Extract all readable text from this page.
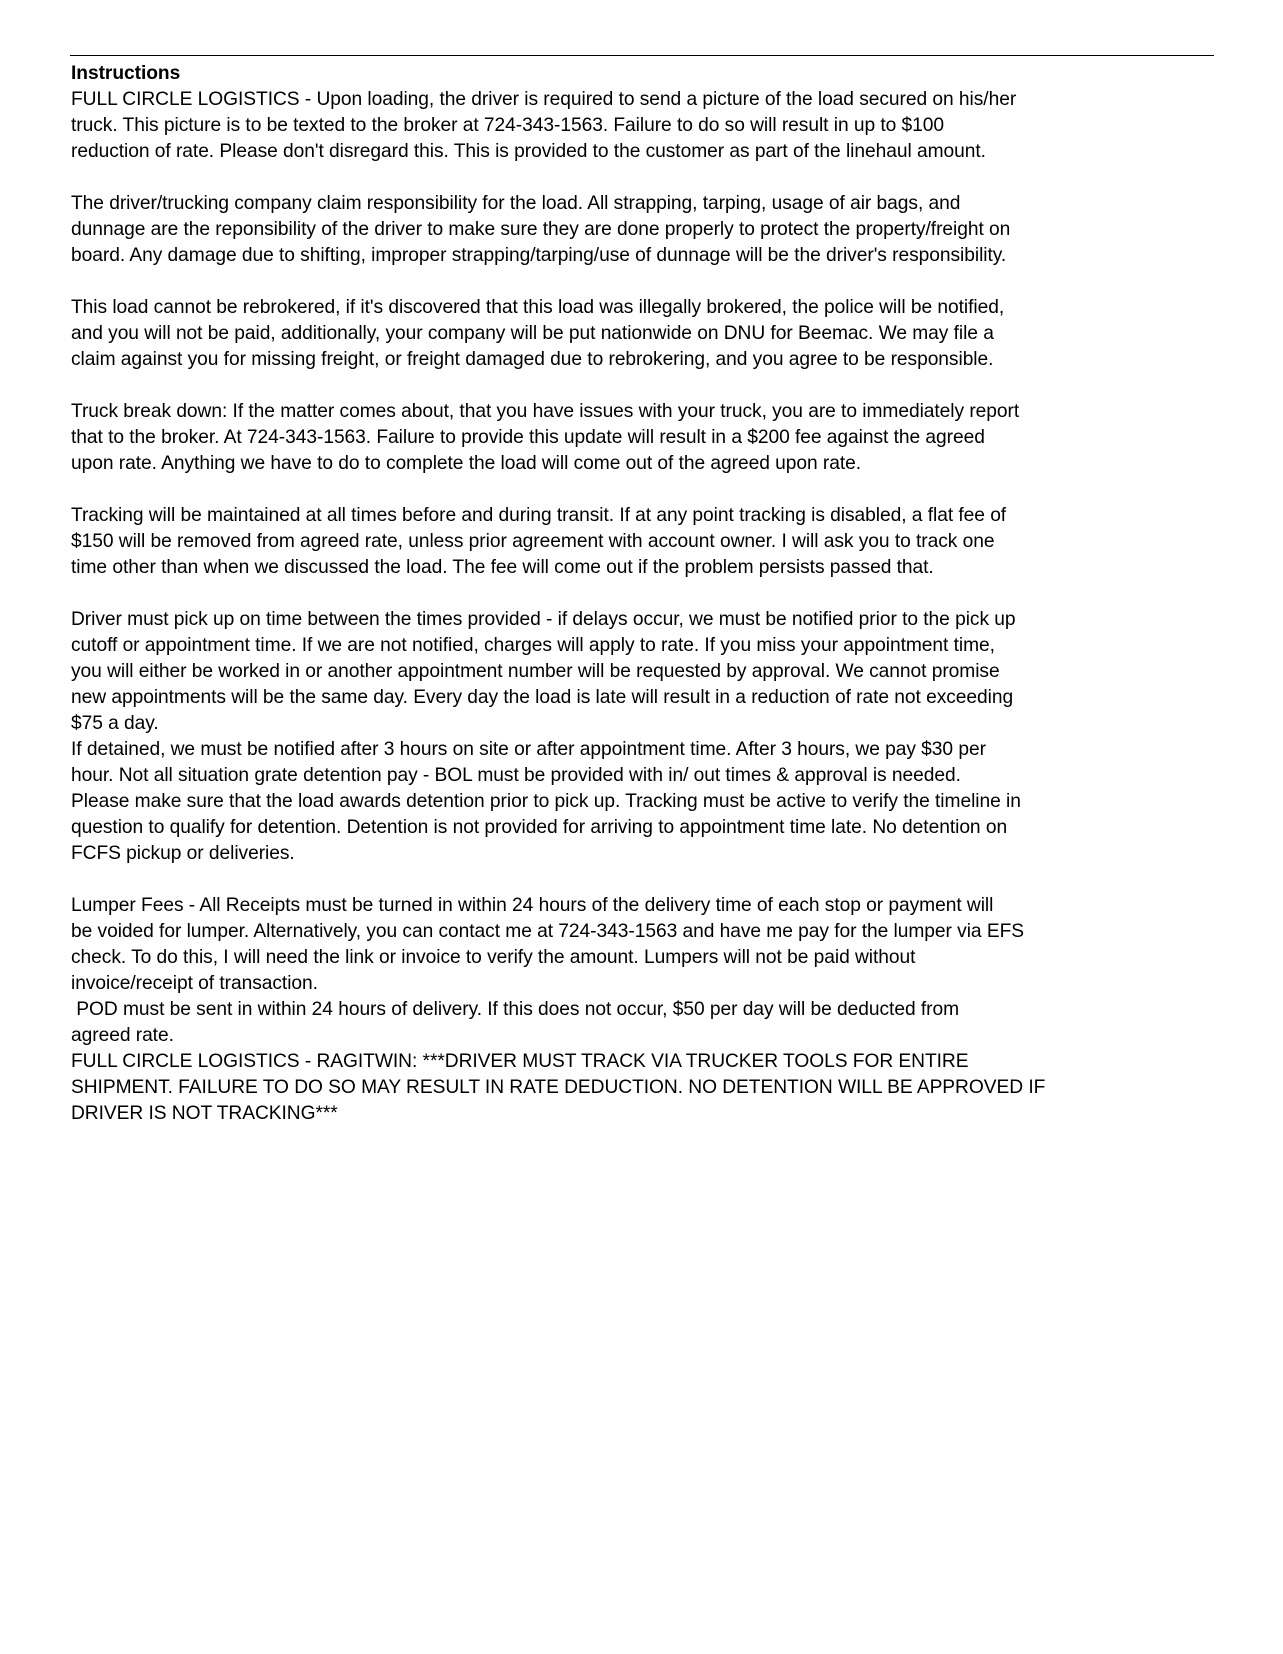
Instructions

FULL CIRCLE LOGISTICS - Upon loading, the driver is required to send a picture of the load secured on his/her

truck. This picture is to be texted to the broker at 724-343-1563. Failure to do so will result in up to $100

reduction of rate. Please don't disregard this. This is provided to the customer as part of the linehaul amount.

The driver/trucking company claim responsibility for the load. All strapping, tarping, usage of air bags, and

dunnage are the reponsibility of the driver to make sure they are done properly to protect the property/freight on

board. Any damage due to shifting, improper strapping/tarping/use of dunnage will be the driver's responsibility.

This load cannot be rebrokered, if it's discovered that this load was illegally brokered, the police will be notified,

and you will not be paid, additionally, your company will be put nationwide on DNU for Beemac. We may file a

claim against you for missing freight, or freight damaged due to rebrokering, and you agree to be responsible.

Truck break down: If the matter comes about, that you have issues with your truck, you are to immediately report

that to the broker. At 724-343-1563. Failure to provide this update will result in a $200 fee against the agreed

upon rate. Anything we have to do to complete the load will come out of the agreed upon rate.

Tracking will be maintained at all times before and during transit. If at any point tracking is disabled, a flat fee of

$150 will be removed from agreed rate, unless prior agreement with account owner. I will ask you to track one

time other than when we discussed the load. The fee will come out if the problem persists passed that.

Driver must pick up on time between the times provided - if delays occur, we must be notified prior to the pick up

cutoff or appointment time. If we are not notified, charges will apply to rate. If you miss your appointment time,

you will either be worked in or another appointment number will be requested by approval. We cannot promise

new appointments will be the same day. Every day the load is late will result in a reduction of rate not exceeding

$75 a day.

If detained, we must be notified after 3 hours on site or after appointment time. After 3 hours, we pay $30 per

hour. Not all situation grate detention pay - BOL must be provided with in/ out times & approval is needed.

Please make sure that the load awards detention prior to pick up. Tracking must be active to verify the timeline in

question to qualify for detention. Detention is not provided for arriving to appointment time late. No detention on

FCFS pickup or deliveries.

Lumper Fees - All Receipts must be turned in within 24 hours of the delivery time of each stop or payment will

be voided for lumper. Alternatively, you can contact me at 724-343-1563 and have me pay for the lumper via EFS

check. To do this, I will need the link or invoice to verify the amount. Lumpers will not be paid without

invoice/receipt of transaction.

POD must be sent in within 24 hours of delivery. If this does not occur, $50 per day will be deducted from

agreed rate.

FULL CIRCLE LOGISTICS - RAGITWIN: ***DRIVER MUST TRACK VIA TRUCKER TOOLS FOR ENTIRE

SHIPMENT. FAILURE TO DO SO MAY RESULT IN RATE DEDUCTION. NO DETENTION WILL BE APPROVED IF

DRIVER IS NOT TRACKING***
